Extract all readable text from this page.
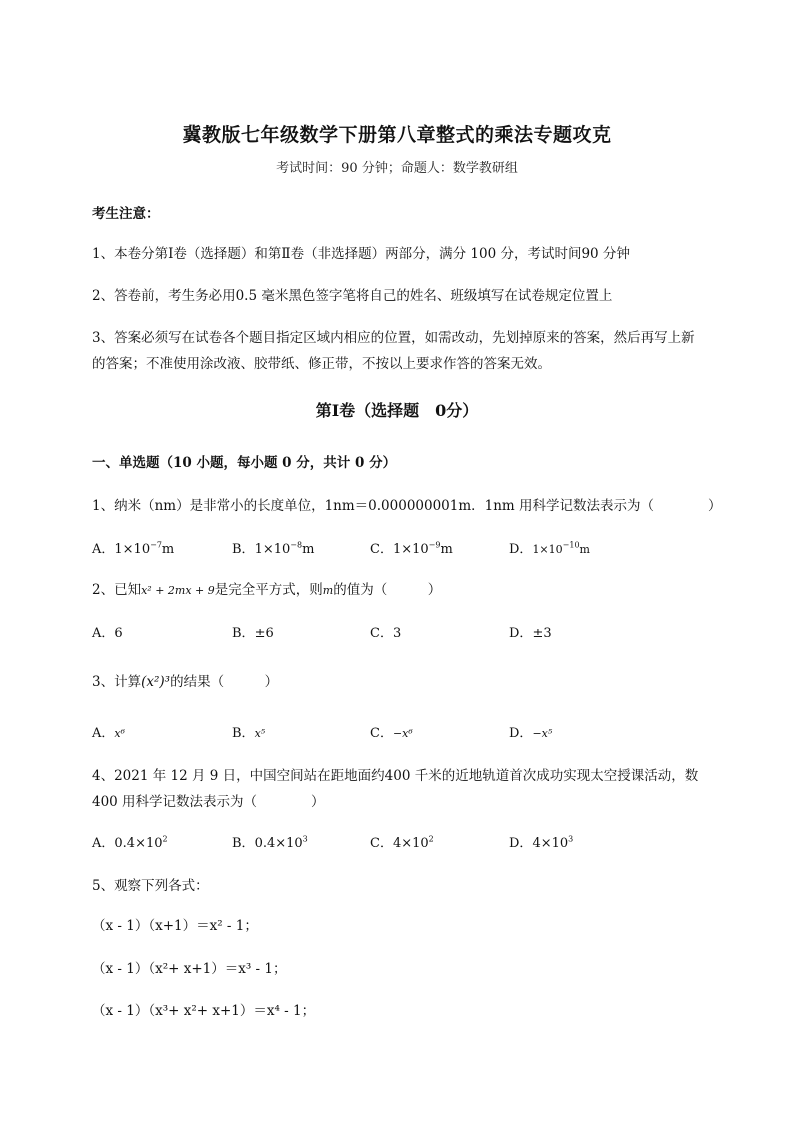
冀教版七年级数学下册第八章整式的乘法专题攻克
考试时间：90 分钟；命题人：数学教研组
考生注意：
1、本卷分第Ⅰ卷（选择题）和第Ⅱ卷（非选择题）两部分，满分 100 分，考试时间90 分钟
2、答卷前，考生务必用0.5 毫米黑色签字笔将自己的姓名、班级填写在试卷规定位置上
3、答案必须写在试卷各个题目指定区域内相应的位置，如需改动，先划掉原来的答案，然后再写上新
的答案；不准使用涂改液、胶带纸、修正带，不按以上要求作答的答案无效。
第Ⅰ卷（选择题　0分）
一、单选题（10 小题，每小题 0 分，共计 0 分）
1、纳米（nm）是非常小的长度单位，1nm＝0.000000001m．1nm 用科学记数法表示为（　　　　）
A．$1\times 10^{-7}m$	B．$1\times 10^{-8}m$	C．$1\times 10^{-9}m$	D．$1\times 10^{-10}m$
2、已知x² + 2mx + 9是完全平方式，则m的值为（　　　）
A．6	B．±6	C．3	D．±3
3、计算(x²)³的结果（　　　）
A．x⁶	B．x⁵	C．−x⁶	D．−x⁵
4、2021 年 12 月 9 日，中国空间站在距地面约400 千米的近地轨道首次成功实现太空授课活动，数
400 用科学记数法表示为（　　　　）
A．$0.4\times 10^2$	B．$0.4\times 10^3$	C．$4\times 10^2$	D．$4\times 10^3$
5、观察下列各式：
（x - 1）（x+1）＝x² - 1；
（x - 1）（x²+ x+1）＝x³ - 1；
（x - 1）（x³+ x²+ x+1）＝x⁴ - 1；
